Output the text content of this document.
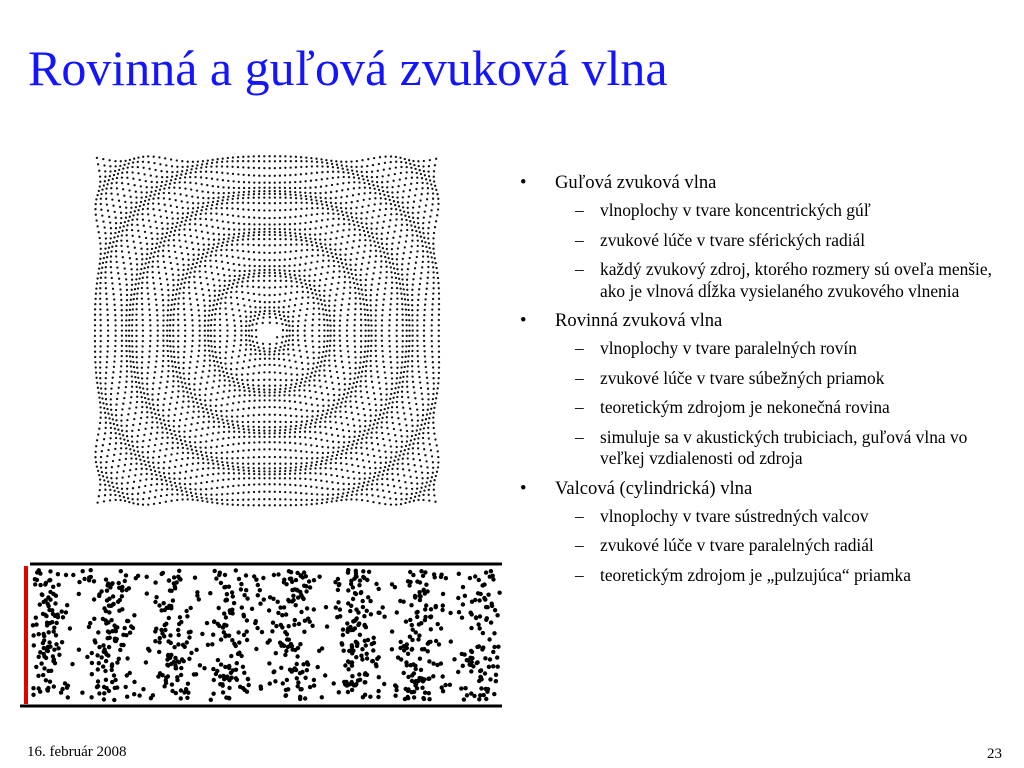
Rovinná a guľová zvuková vlna
• Guľová zvuková vlna
– vlnoplochy v tvare koncentrických gúľ
– zvukové lúče v tvare sférických radiál
– každý zvukový zdroj, ktorého rozmery sú oveľa menšie, ako je vlnová dĺžka vysielaného zvukového vlnenia
• Rovinná zvuková vlna
– vlnoplochy v tvare paralelných rovín
– zvukové lúče v tvare súbežných priamok
– teoretickým zdrojom je nekonečná rovina
– simuluje sa v akustických trubiciach, guľová vlna vo veľkej vzdialenosti od zdroja
• Valcová (cylindrická) vlna
– vlnoplochy v tvare sústredných valcov
– zvukové lúče v tvare paralelných radiál
– teoretickým zdrojom je „pulzujúca“ priamka
16. február 2008	23
